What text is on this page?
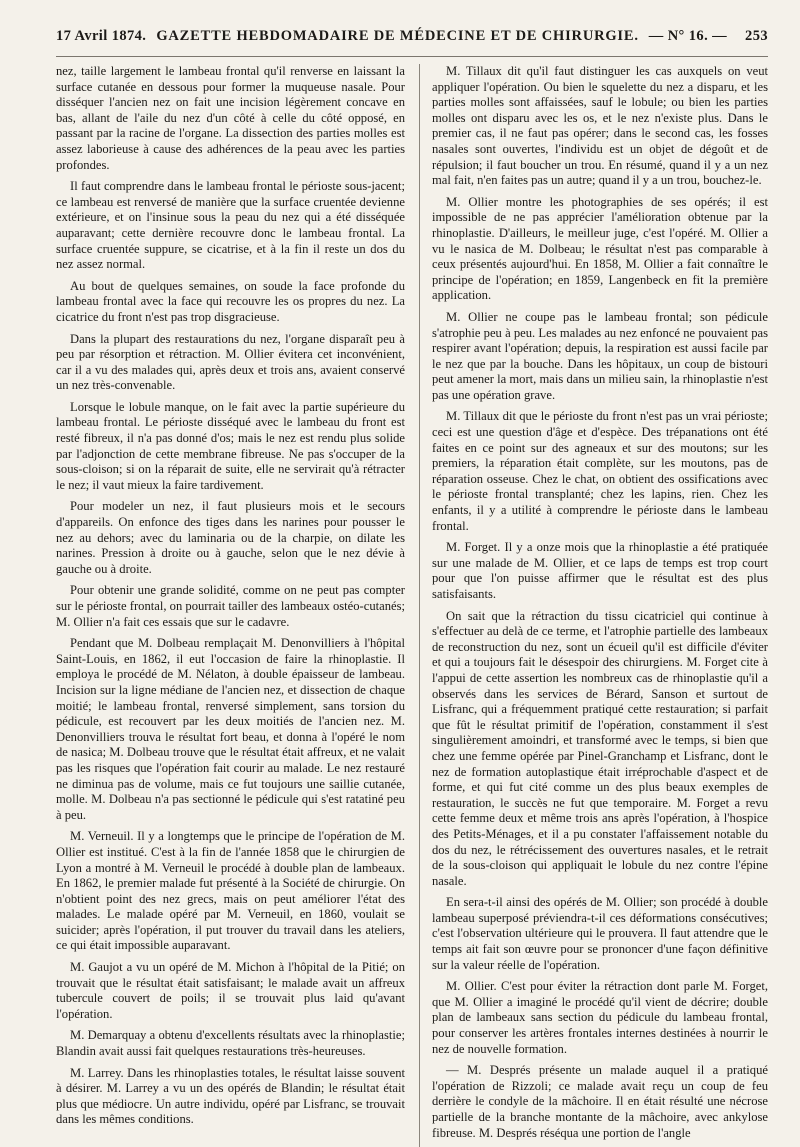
17 Avril 1874. GAZETTE HEBDOMADAIRE DE MÉDECINE ET DE CHIRURGIE. — N° 16. — 253

nez, taille largement le lambeau frontal qu'il renverse en laissant la surface cutanée en dessous pour former la muqueuse nasale. Pour disséquer l'ancien nez on fait une incision légèrement concave en bas, allant de l'aile du nez d'un côté à celle du côté opposé, en passant par la racine de l'organe. La dissection des parties molles est assez laborieuse à cause des adhérences de la peau avec les parties profondes.

Il faut comprendre dans le lambeau frontal le périoste sous-jacent; ce lambeau est renversé de manière que la surface cruentée devienne extérieure, et on l'insinue sous la peau du nez qui a été disséquée auparavant; cette dernière recouvre donc le lambeau frontal. La surface cruentée suppure, se cicatrise, et à la fin il reste un dos du nez assez normal.

Au bout de quelques semaines, on soude la face profonde du lambeau frontal avec la face qui recouvre les os propres du nez. La cicatrice du front n'est pas trop disgracieuse.

Dans la plupart des restaurations du nez, l'organe disparaît peu à peu par résorption et rétraction. M. Ollier évitera cet inconvénient, car il a vu des malades qui, après deux et trois ans, avaient conservé un nez très-convenable.

Lorsque le lobule manque, on le fait avec la partie supérieure du lambeau frontal. Le périoste disséqué avec le lambeau du front est resté fibreux, il n'a pas donné d'os; mais le nez est rendu plus solide par l'adjonction de cette membrane fibreuse. Ne pas s'occuper de la sous-cloison; si on la réparait de suite, elle ne servirait qu'à rétracter le nez; il vaut mieux la faire tardivement.

Pour modeler un nez, il faut plusieurs mois et le secours d'appareils. On enfonce des tiges dans les narines pour pousser le nez au dehors; avec du laminaria ou de la charpie, on dilate les narines. Pression à droite ou à gauche, selon que le nez dévie à gauche ou à droite.

Pour obtenir une grande solidité, comme on ne peut pas compter sur le périoste frontal, on pourrait tailler des lambeaux ostéo-cutanés; M. Ollier n'a fait ces essais que sur le cadavre.

Pendant que M. Dolbeau remplaçait M. Denonvilliers à l'hôpital Saint-Louis, en 1862, il eut l'occasion de faire la rhinoplastie. Il employa le procédé de M. Nélaton, à double épaisseur de lambeau. Incision sur la ligne médiane de l'ancien nez, et dissection de chaque moitié; le lambeau frontal, renversé simplement, sans torsion du pédicule, est recouvert par les deux moitiés de l'ancien nez. M. Denonvilliers trouva le résultat fort beau, et donna à l'opéré le nom de nasica; M. Dolbeau trouve que le résultat était affreux, et ne valait pas les risques que l'opération fait courir au malade. Le nez restauré ne diminua pas de volume, mais ce fut toujours une saillie cutanée, molle. M. Dolbeau n'a pas sectionné le pédicule qui s'est ratatiné peu à peu.

M. Verneuil. Il y a longtemps que le principe de l'opération de M. Ollier est institué. C'est à la fin de l'année 1858 que le chirurgien de Lyon a montré à M. Verneuil le procédé à double plan de lambeaux. En 1862, le premier malade fut présenté à la Société de chirurgie. On n'obtient point des nez grecs, mais on peut améliorer l'état des malades. Le malade opéré par M. Verneuil, en 1860, voulait se suicider; après l'opération, il put trouver du travail dans les ateliers, ce qui était impossible auparavant.

M. Gaujot a vu un opéré de M. Michon à l'hôpital de la Pitié; on trouvait que le résultat était satisfaisant; le malade avait un affreux tubercule couvert de poils; il se trouvait plus laid qu'avant l'opération.

M. Demarquay a obtenu d'excellents résultats avec la rhinoplastie; Blandin avait aussi fait quelques restaurations très-heureuses.

M. Larrey. Dans les rhinoplasties totales, le résultat laisse souvent à désirer. M. Larrey a vu un des opérés de Blandin; le résultat était plus que médiocre. Un autre individu, opéré par Lisfranc, se trouvait dans les mêmes conditions.

M. Tillaux dit qu'il faut distinguer les cas auxquels on veut appliquer l'opération. Ou bien le squelette du nez a disparu, et les parties molles sont affaissées, sauf le lobule; ou bien les parties molles ont disparu avec les os, et le nez n'existe plus. Dans le premier cas, il ne faut pas opérer; dans le second cas, les fosses nasales sont ouvertes, l'individu est un objet de dégoût et de répulsion; il faut boucher un trou. En résumé, quand il y a un nez mal fait, n'en faites pas un autre; quand il y a un trou, bouchez-le.

M. Ollier montre les photographies de ses opérés; il est impossible de ne pas apprécier l'amélioration obtenue par la rhinoplastie. D'ailleurs, le meilleur juge, c'est l'opéré. M. Ollier a vu le nasica de M. Dolbeau; le résultat n'est pas comparable à ceux présentés aujourd'hui. En 1858, M. Ollier a fait connaître le principe de l'opération; en 1859, Langenbeck en fit la première application.

M. Ollier ne coupe pas le lambeau frontal; son pédicule s'atrophie peu à peu. Les malades au nez enfoncé ne pouvaient pas respirer avant l'opération; depuis, la respiration est aussi facile par le nez que par la bouche. Dans les hôpitaux, un coup de bistouri peut amener la mort, mais dans un milieu sain, la rhinoplastie n'est pas une opération grave.

M. Tillaux dit que le périoste du front n'est pas un vrai périoste; ceci est une question d'âge et d'espèce. Des trépanations ont été faites en ce point sur des agneaux et sur des moutons; sur les premiers, la réparation était complète, sur les moutons, pas de réparation osseuse. Chez le chat, on obtient des ossifications avec le périoste frontal transplanté; chez les lapins, rien. Chez les enfants, il y a utilité à comprendre le périoste dans le lambeau frontal.

M. Forget. Il y a onze mois que la rhinoplastie a été pratiquée sur une malade de M. Ollier, et ce laps de temps est trop court pour que l'on puisse affirmer que le résultat est des plus satisfaisants.

On sait que la rétraction du tissu cicatriciel qui continue à s'effectuer au delà de ce terme, et l'atrophie partielle des lambeaux de reconstruction du nez, sont un écueil qu'il est difficile d'éviter et qui a toujours fait le désespoir des chirurgiens. M. Forget cite à l'appui de cette assertion les nombreux cas de rhinoplastie qu'il a observés dans les services de Bérard, Sanson et surtout de Lisfranc, qui a fréquemment pratiqué cette restauration; si parfait que fût le résultat primitif de l'opération, constamment il s'est singulièrement amoindri, et transformé avec le temps, si bien que chez une femme opérée par Pinel-Granchamp et Lisfranc, dont le nez de formation autoplastique était irréprochable d'aspect et de forme, et qui fut cité comme un des plus beaux exemples de restauration, le succès ne fut que temporaire. M. Forget a revu cette femme deux et même trois ans après l'opération, à l'hospice des Petits-Ménages, et il a pu constater l'affaissement notable du dos du nez, le rétrécissement des ouvertures nasales, et le retrait de la sous-cloison qui appliquait le lobule du nez contre l'épine nasale.

En sera-t-il ainsi des opérés de M. Ollier; son procédé à double lambeau superposé préviendra-t-il ces déformations consécutives; c'est l'observation ultérieure qui le prouvera. Il faut attendre que le temps ait fait son œuvre pour se prononcer d'une façon définitive sur la valeur réelle de l'opération.

M. Ollier. C'est pour éviter la rétraction dont parle M. Forget, que M. Ollier a imaginé le procédé qu'il vient de décrire; double plan de lambeaux sans section du pédicule du lambeau frontal, pour conserver les artères frontales internes destinées à nourrir le nez de nouvelle formation.

— M. Després présente un malade auquel il a pratiqué l'opération de Rizzoli; ce malade avait reçu un coup de feu derrière le condyle de la mâchoire. Il en était résulté une nécrose partielle de la branche montante de la mâchoire, avec ankylose fibreuse. M. Després réséqua une portion de l'angle
